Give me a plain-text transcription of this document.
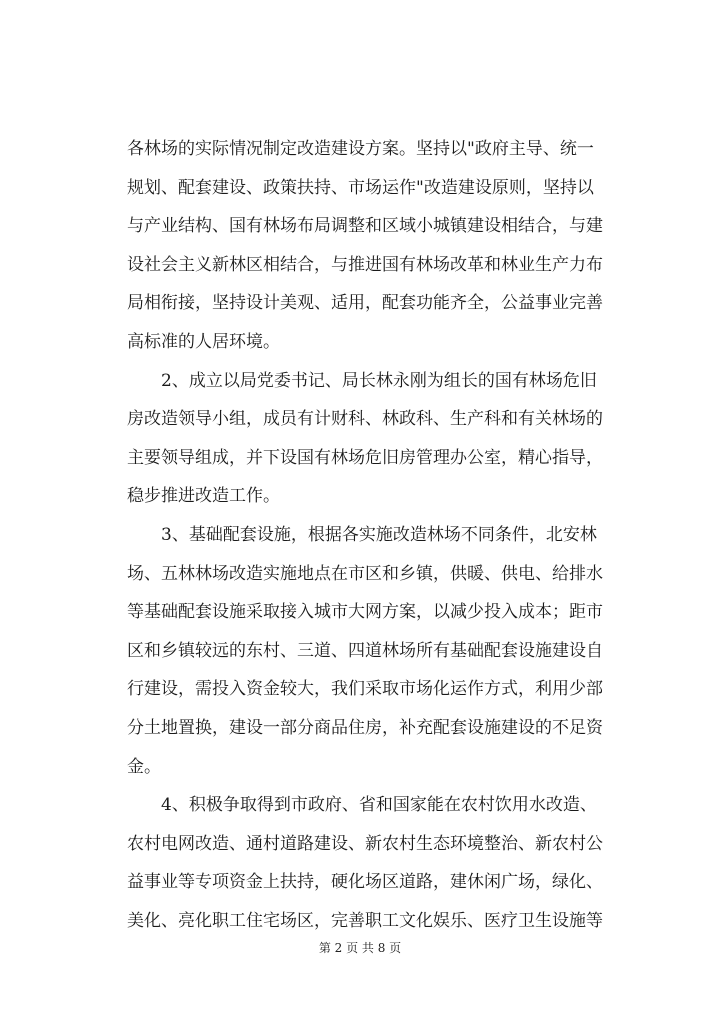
各 林 场 的 实 际 情 况 制 定 改 造 建 设 方 案 。 坚 持 以 " 政 府 主 导 、 统 一
规 划 、 配 套 建 设 、 政 策 扶 持 、 市 场 运 作 " 改 造 建 设 原 则 ， 坚 持 以
与 产 业 结 构 、 国 有 林 场 布 局 调 整 和 区 域 小 城 镇 建 设 相 结 合 ， 与 建
设 社 会 主 义 新 林 区 相 结 合 ， 与 推 进 国 有 林 场 改 革 和 林 业 生 产 力 布
局 相 衔 接 ， 坚 持 设 计 美 观 、 适 用 ， 配 套 功 能 齐 全 ， 公 益 事 业 完 善
高标准的人居环境。
2 、 成 立 以 局 党 委 书 记 、 局 长 林 永 刚 为 组 长 的 国 有 林 场 危 旧
房 改 造 领 导 小 组 ， 成 员 有 计 财 科 、 林 政 科 、 生 产 科 和 有 关 林 场 的
主 要 领 导 组 成 ， 并 下 设 国 有 林 场 危 旧 房 管 理 办 公 室 ， 精 心 指 导 ，
稳步推进改造工作。
3 、 基 础 配 套 设 施 ， 根 据 各 实 施 改 造 林 场 不 同 条 件 ， 北 安 林
场 、 五 林 林 场 改 造 实 施 地 点 在 市 区 和 乡 镇 ， 供 暖 、 供 电 、 给 排 水
等 基 础 配 套 设 施 采 取 接 入 城 市 大 网 方 案 ， 以 减 少 投 入 成 本 ； 距 市
区 和 乡 镇 较 远 的 东 村 、 三 道 、 四 道 林 场 所 有 基 础 配 套 设 施 建 设 自
行 建 设 ， 需 投 入 资 金 较 大 ， 我 们 采 取 市 场 化 运 作 方 式 ， 利 用 少 部
分 土 地 置 换 ， 建 设 一 部 分 商 品 住 房 ， 补 充 配 套 设 施 建 设 的 不 足 资
金。
4 、 积 极 争 取 得 到 市 政 府 、 省 和 国 家 能 在 农 村 饮 用 水 改 造 、
农 村 电 网 改 造 、 通 村 道 路 建 设 、 新 农 村 生 态 环 境 整 治 、 新 农 村 公
益 事 业 等 专 项 资 金 上 扶 持 ， 硬 化 场 区 道 路 ， 建 休 闲 广 场 ， 绿 化 、
美 化 、 亮 化 职 工 住 宅 场 区 ， 完 善 职 工 文 化 娱 乐 、 医 疗 卫 生 设 施 等
第 2 页 共 8 页
